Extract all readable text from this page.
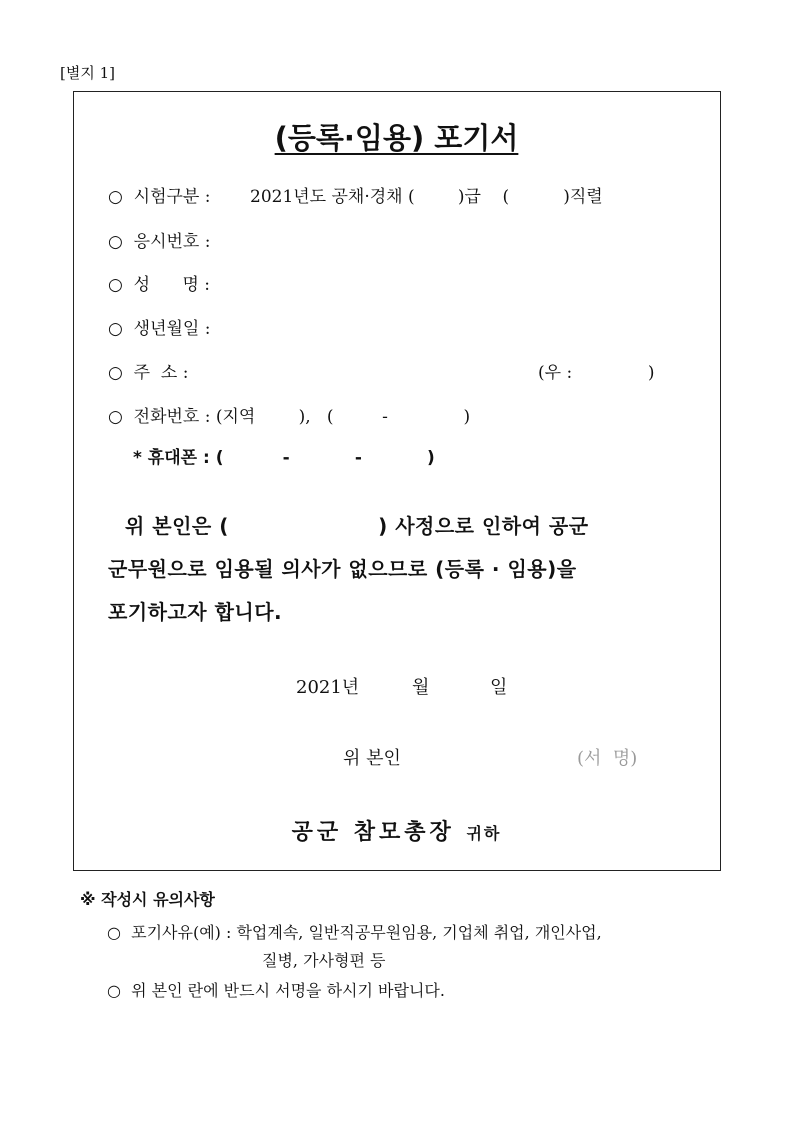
[별지 1]
(등록·임용) 포기서
○  시험구분 : 2021년도 공채·경채 (        )급    (          )직렬
○  응시번호 :
○  성      명 :
○  생년월일 :
○  주  소 :	(우 :              )
○  전화번호 : (지역        ),   (         -              )
* 휴대폰 : (          -           -           )
위 본인은 (                    ) 사정으로 인하여 공군
군무원으로 임용될 의사가 없으므로 (등록 · 임용)을
포기하고자 합니다.
2021년	월	일
위 본인	(서  명)
공군 참모총장 귀하
※ 작성시 유의사항
○  포기사유(예) : 학업계속, 일반직공무원임용, 기업체 취업, 개인사업,
질병, 가사형편 등
○  위 본인 란에 반드시 서명을 하시기 바랍니다.
